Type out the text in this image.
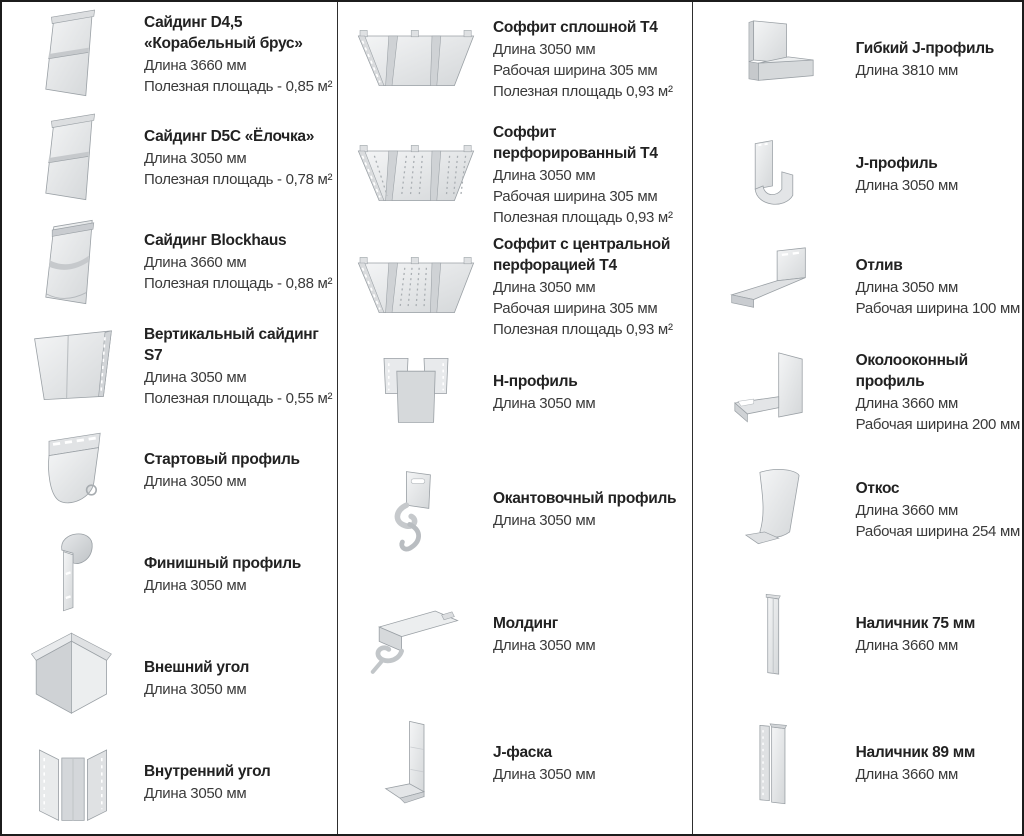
Сайдинг D4,5 «Корабельный брус»
Длина 3660 мм
Полезная площадь - 0,85 м²
Сайдинг D5C «Ёлочка»
Длина 3050 мм
Полезная площадь - 0,78 м²
Сайдинг Blockhaus
Длина 3660 мм
Полезная площадь - 0,88 м²
Вертикальный сайдинг S7
Длина 3050 мм
Полезная площадь - 0,55 м²
Стартовый профиль
Длина 3050 мм
Финишный профиль
Длина 3050 мм
Внешний угол
Длина 3050 мм
Внутренний угол
Длина 3050 мм
Соффит сплошной Т4
Длина 3050 мм
Рабочая ширина 305 мм
Полезная площадь 0,93 м²
Соффит перфорированный Т4
Длина 3050 мм
Рабочая ширина 305 мм
Полезная площадь 0,93 м²
Соффит с центральной перфорацией Т4
Длина 3050 мм
Рабочая ширина 305 мм
Полезная площадь 0,93 м²
Н-профиль
Длина 3050 мм
Окантовочный профиль
Длина 3050 мм
Молдинг
Длина 3050 мм
J-фаска
Длина 3050 мм
Гибкий J-профиль
Длина 3810 мм
J-профиль
Длина 3050 мм
Отлив
Длина 3050 мм
Рабочая ширина 100 мм
Околооконный профиль
Длина 3660 мм
Рабочая ширина 200 мм
Откос
Длина 3660 мм
Рабочая ширина 254 мм
Наличник 75 мм
Длина 3660 мм
Наличник 89 мм
Длина 3660 мм
